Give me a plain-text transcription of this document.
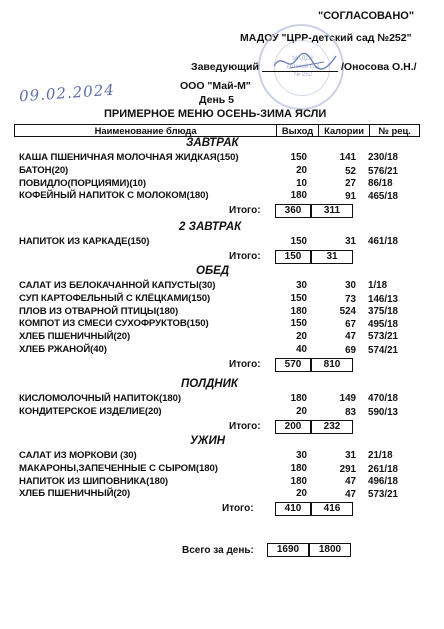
"СОГЛАСОВАНО"
МАДОУ "ЦРР-детский сад №252"
МАДОУ
детский сад
№ 252
Заведующий	/Оносова О.Н./
09.02.2024	ООО "Май-М"
День 5
ПРИМЕРНОЕ МЕНЮ ОСЕНЬ-ЗИМА ЯСЛИ
Наименование блюда	Выход	Калории	№ рец.
ЗАВТРАК
КАША ПШЕНИЧНАЯ МОЛОЧНАЯ ЖИДКАЯ(150)	150	141 230/18
БАТОН(20)	20	52 576/21
ПОВИДЛО(ПОРЦИЯМИ)(10)	10	27 86/18
КОФЕЙНЫЙ НАПИТОК С МОЛОКОМ(180)	180	91 465/18
Итого:	360	311
2 ЗАВТРАК
НАПИТОК ИЗ КАРКАДЕ(150)	150	31 461/18
Итого:	150	31
ОБЕД
САЛАТ ИЗ БЕЛОКАЧАННОЙ КАПУСТЫ(30)	30	30 1/18
СУП КАРТОФЕЛЬНЫЙ С КЛЁЦКАМИ(150)	150	73 146/13
ПЛОВ ИЗ ОТВАРНОЙ ПТИЦЫ(180)	180	524 375/18
КОМПОТ ИЗ СМЕСИ СУХОФРУКТОВ(150)	150	67 495/18
ХЛЕБ ПШЕНИЧНЫЙ(20)	20	47 573/21
ХЛЕБ РЖАНОЙ(40)	40	69 574/21
Итого:	570	810
ПОЛДНИК
КИСЛОМОЛОЧНЫЙ НАПИТОК(180)	180	149 470/18
КОНДИТЕРСКОЕ ИЗДЕЛИЕ(20)	20	83 590/13
Итого:	200	232
УЖИН
САЛАТ ИЗ МОРКОВИ (30)	30	31 21/18
МАКАРОНЫ,ЗАПЕЧЕННЫЕ С СЫРОМ(180)	180	291 261/18
НАПИТОК ИЗ ШИПОВНИКА(180)	180	47 496/18
ХЛЕБ ПШЕНИЧНЫЙ(20)	20	47 573/21
Итого:	410	416
Всего за день:	1690	1800
